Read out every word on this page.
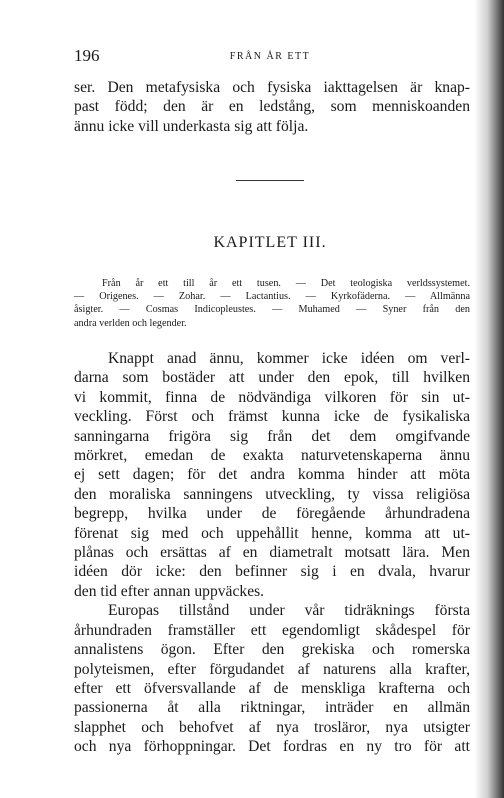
196	FRÅN ÅR ETT
ser. Den metafysiska och fysiska iakttagelsen är knap-
past född; den är en ledstång, som menniskoanden
ännu icke vill underkasta sig att följa.
KAPITLET III.
Från år ett till år ett tusen. — Det teologiska verldssystemet.
— Origenes. — Zohar. — Lactantius. — Kyrkofäderna. — Allmänna
åsigter. — Cosmas Indicopleustes. — Muhamed — Syner från den
andra verlden och legender.
Knappt anad ännu, kommer icke idéen om verl-
darna som bostäder att under den epok, till hvilken
vi kommit, finna de nödvändiga vilkoren för sin ut-
veckling. Först och främst kunna icke de fysikaliska
sanningarna frigöra sig från det dem omgifvande
mörkret, emedan de exakta naturvetenskaperna ännu
ej sett dagen; för det andra komma hinder att möta
den moraliska sanningens utveckling, ty vissa religiösa
begrepp, hvilka under de föregående århundradena
förenat sig med och uppehållit henne, komma att ut-
plånas och ersättas af en diametralt motsatt lära. Men
idéen dör icke: den befinner sig i en dvala, hvarur
den tid efter annan uppväckes.
Europas tillstånd under vår tidräknings första
århundraden framställer ett egendomligt skådespel för
annalistens ögon. Efter den grekiska och romerska
polyteismen, efter förgudandet af naturens alla krafter,
efter ett öfversvallande af de menskliga krafterna och
passionerna åt alla riktningar, inträder en allmän
slapphet och behofvet af nya trosläror, nya utsigter
och nya förhoppningar. Det fordras en ny tro för att
